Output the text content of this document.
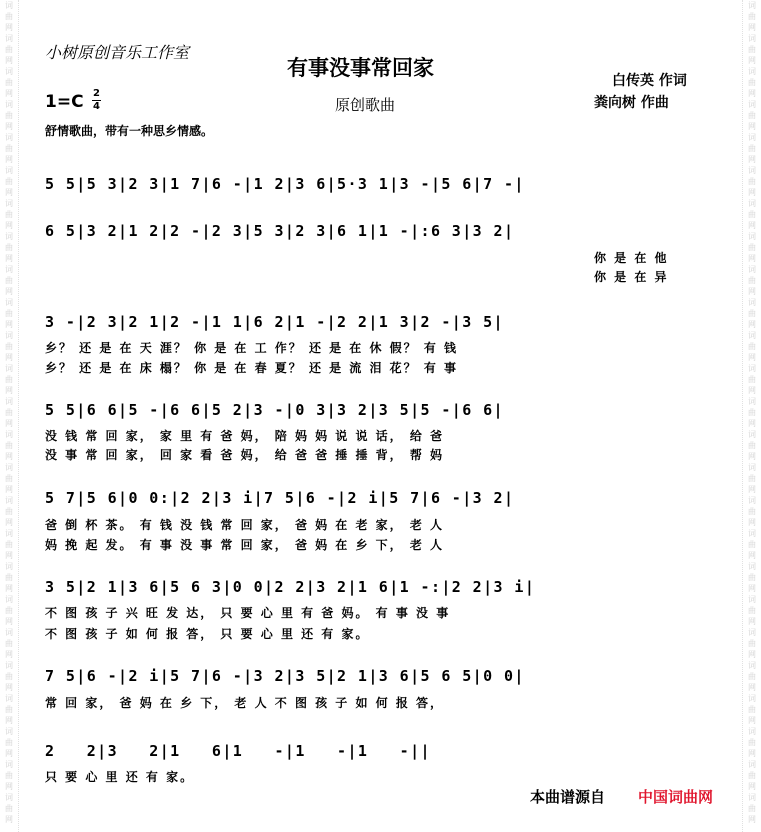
词
曲
网
词
曲
网
词
曲
网
词
曲
网
词
曲
网
词
曲
网
词
曲
网
词
曲
网
词
曲
网
词
曲
网
词
曲
网
词
曲
网
词
曲
网
词
曲
网
词
曲
网
词
曲
网
词
曲
网
词
曲
网
词
曲
网
词
曲
网
词
曲
网
词
曲
网
词
曲
网
词
曲
网
词
曲
网
词
曲
网
词
曲
网
词
曲
网
词
曲
网
词
曲
网
词
曲
网
词
曲
网
词
曲
网
词
曲
网
词
曲
网
词
曲
网
词
曲
网
词
曲
网
词
曲
网
词
曲
网
词
曲
网
词
曲
网
词
曲
网
词
曲
网
词
曲
网
词
曲
网
词
曲
网
词
曲
网
词
曲
网
词
曲
网
小树原创音乐工作室
有事没事常回家
1=C 2
4	原创歌曲
白传英 作词
粪向树 作曲
舒情歌曲，带有一种思乡情感。
5 5|5 3|2 3|1 7|6 -|1 2|3 6|5·3 1|3 -|5 6|7 -|
6 5|3 2|1 2|2 -|2 3|5 3|2 3|6 1|1 -|:6 3|3 2|
3 -|2 3|2 1|2 -|1 1|6 2|1 -|2 2|1 3|2 -|3 5|
5 5|6 6|5 -|6 6|5 2|3 -|0 3|3 2|3 5|5 -|6 6|
5 7|5 6|0 0:|2 2|3 i|7 5|6 -|2 i|5 7|6 -|3 2|
3 5|2 1|3 6|5 6 3|0 0|2 2|3 2|1 6|1 -:|2 2|3 i|
7 5|6 -|2 i|5 7|6 -|3 2|3 5|2 1|3 6|5 6 5|0 0|
2   2|3   2|1   6|1   -|1   -|1   -||
你 是 在 他
你 是 在 异
乡？ 还 是 在 天 涯？ 你 是 在 工 作？ 还 是 在 休 假？ 有 钱
乡？ 还 是 在 床 榻？ 你 是 在 春 夏？ 还 是 流 泪 花？ 有 事
没 钱 常 回 家， 家 里 有 爸 妈， 陪 妈 妈 说 说 话， 给 爸
没 事 常 回 家， 回 家 看 爸 妈， 给 爸 爸 捶 捶 背， 帮 妈
爸 倒 杯 茶。 有 钱 没 钱 常 回 家， 爸 妈 在 老 家， 老 人
妈 挽 起 发。 有 事 没 事 常 回 家， 爸 妈 在 乡 下， 老 人
不 图 孩 子 兴 旺 发 达， 只 要 心 里 有 爸 妈。 有 事 没 事
不 图 孩 子 如 何 报 答， 只 要 心 里 还 有 家。
常 回 家， 爸 妈 在 乡 下， 老 人 不 图 孩 子 如 何 报 答，
只 要 心 里 还 有 家。
本曲谱源自 中国词曲网
